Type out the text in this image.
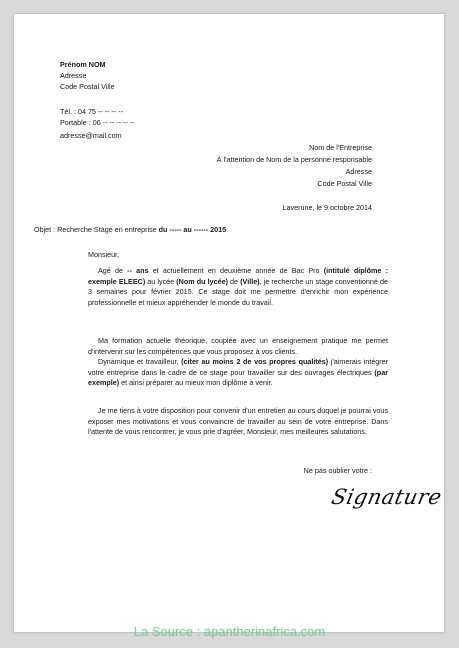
Prénom NOM
Adresse
Code Postal Ville
Tél. : 04 75 -- -- -- --
Portable : 06 -- -- -- -- --
adresse@mail.com
Nom de l'Entreprise
À l'attention de Nom de la personne responsable
Adresse
Code Postal Ville
Laverune, le 9 octobre 2014
Objet : Recherche Stage en entreprise du ----- au ------ 2015
Monsieur,
Agé de -- ans et actuellement en deuxième année de Bac Pro (intitulé diplôme : exemple ELEEC) au lycée (Nom du lycée) de (Ville), je recherche un stage conventionné de 3 semaines pour février 2015. Ce stage doit me permettre d'enrichir mon expérience professionnelle et mieux appréhender le monde du travail.
Ma formation actuelle théorique, couplée avec un enseignement pratique me permet d'intervenir sur les compétences que vous proposez à vos clients.
Dynamique et travailleur, (citer au moins 2 de vos propres qualités) j'aimerais intégrer votre entreprise dans le cadre de ce stage pour travailler sur des ouvrages électriques (par exemple) et ainsi préparer au mieux mon diplôme à venir.
Je me tiens à votre disposition pour convenir d'un entretien au cours duquel je pourrai vous exposer mes motivations et vous convaincre de travailler au sein de votre entreprise. Dans l'attente de vous rencontrer, je vous prie d'agréer, Monsieur, mes meilleures salutations.
Ne pas oublier votre :
Signature
La Source : apantherinafrica.com
